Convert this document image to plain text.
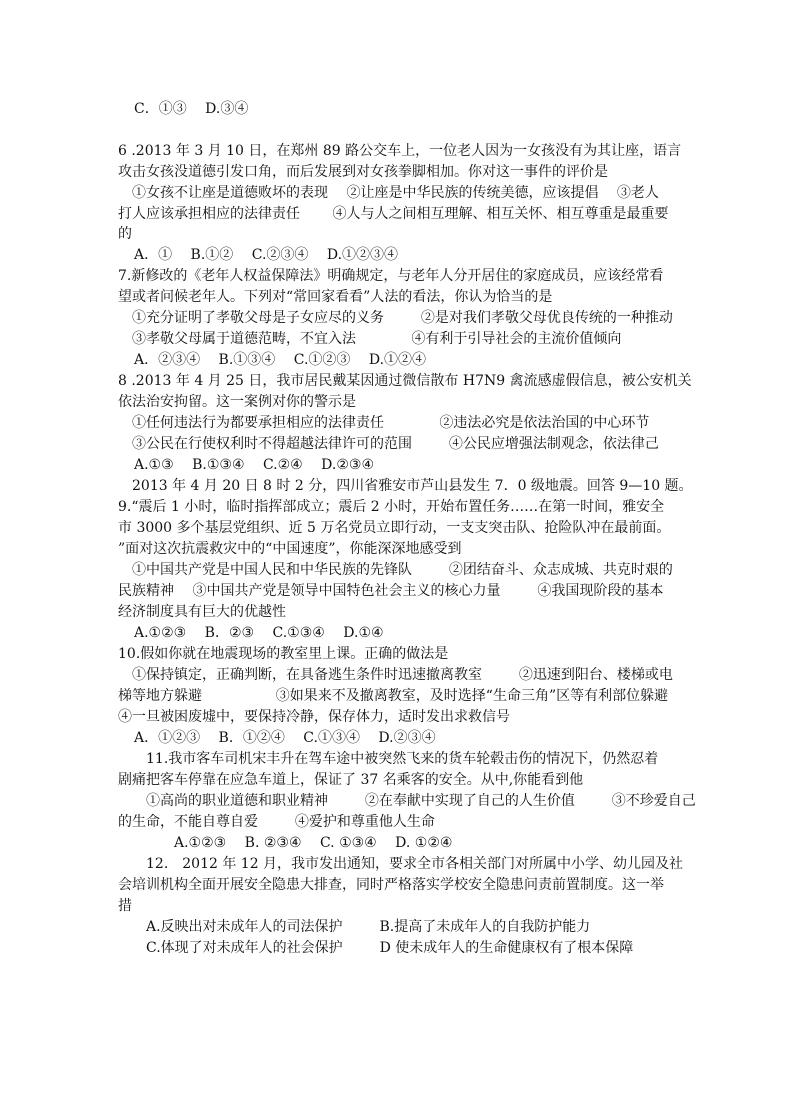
C．①③　 D.③④
6 .2013 年 3 月 10 日，在郑州 89 路公交车上，一位老人因为一女孩没有为其让座，语言
攻击女孩没道德引发口角，而后发展到对女孩拳脚相加。你对这一事件的评价是
①女孩不让座是道德败坏的表现　 ②让座是中华民族的传统美德，应该提倡　 ③老人
打人应该承担相应的法律责任　　 ④人与人之间相互理解、相互关怀、相互尊重是最重要
的
A．①　 B.①②　 C.②③④　 D.①②③④
7.新修改的《老年人权益保障法》明确规定，与老年人分开居住的家庭成员，应该经常看
望或者问候老年人。下列对“常回家看看”人法的看法，你认为恰当的是
①充分证明了孝敬父母是子女应尽的义务　 　 ②是对我们孝敬父母优良传统的一种推动
③孝敬父母属于道德范畴，不宜入法　 　 　 ④有利于引导社会的主流价值倾向
A．②③④　 B.①③④　 C.①②③　 D.①②④
8 .2013 年 4 月 25 日，我市居民戴某因通过微信散布 H7N9 禽流感虚假信息，被公安机关
依法治安拘留。这一案例对你的警示是
①任何违法行为都要承担相应的法律责任　 　 　 ②违法必究是依法治国的中心环节
③公民在行使权利时不得超越法律许可的范围　 　 ④公民应增强法制观念，依法律己
A.①③　 B.①③④　 C.②④　 D.②③④
2013 年 4 月 20 日 8 时 2 分，四川省雅安市芦山县发生 7．0 级地震。回答 9—10 题。
9.“震后 1 小时，临时指挥部成立；震后 2 小时，开始布置任务……在第一时间，雅安全
市 3000 多个基层党组织、近 5 万名党员立即行动，一支支突击队、抢险队冲在最前面。
”面对这次抗震救灾中的“中国速度”，你能深深地感受到
①中国共产党是中国人民和中华民族的先锋队　 　 ②团结奋斗、众志成城、共克时艰的
民族精神　 ③中国共产党是领导中国特色社会主义的核心力量　 　 ④我国现阶段的基本
经济制度具有巨大的优越性
A.①②③　 B．②③　 C.①③④　 D.①④
10.假如你就在地震现场的教室里上课。正确的做法是
①保持镇定，正确判断，在具备逃生条件时迅速撤离教室　 　 ②迅速到阳台、楼梯或电
梯等地方躲避　 　 　 　 ③如果来不及撤离教室，及时选择“生命三角”区等有利部位躲避
④一旦被困废墟中，要保持冷静，保存体力，适时发出求救信号
A．①②③　 B．①②④　 C.①③④　 D.②③④
11.我市客车司机宋丰升在驾车途中被突然飞来的货车轮毂击伤的情况下，仍然忍着
剧痛把客车停靠在应急车道上，保证了 37 名乘客的安全。从中,你能看到他
①高尚的职业道德和职业精神　 　 ②在奉献中实现了自己的人生价值　 　 ③不珍爱自己
的生命，不能自尊自爱　 　 ④爱护和尊重他人生命
A.①②③　 B. ②③④　 C. ①③④　 D. ①②④
12.　2012 年 12 月，我市发出通知，要求全市各相关部门对所属中小学、幼儿园及社
会培训机构全面开展安全隐患大排查，同时严格落实学校安全隐患问责前置制度。这一举
措
A.反映出对未成年人的司法保护　 　 B.提高了未成年人的自我防护能力
C.体现了对未成年人的社会保护　 　 D 使未成年人的生命健康权有了根本保障
